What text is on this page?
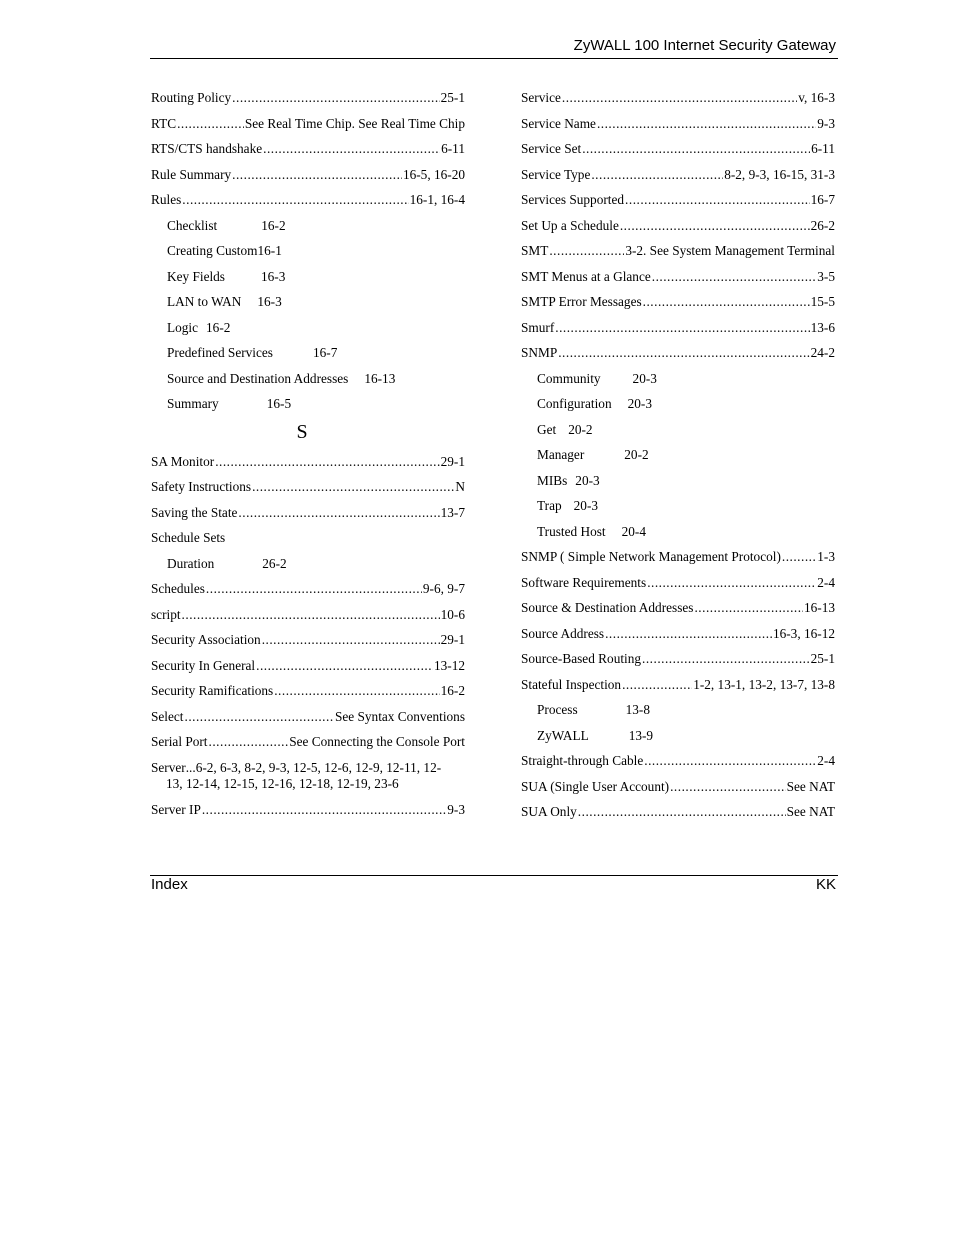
ZyWALL 100 Internet Security Gateway
Routing Policy .....	25-1
RTC .....	See Real Time Chip. See Real Time Chip
RTS/CTS handshake .....	6-11
Rule Summary .....	16-5, 16-20
Rules .....	16-1, 16-4
Checklist	16-2
Creating Custom16-1
Key Fields	16-3
LAN to WAN 16-3
Logic 16-2
Predefined Services	16-7
Source and Destination Addresses 16-13
Summary	16-5
S
SA Monitor .....	29-1
Safety Instructions .....	N
Saving the State .....	13-7
Schedule Sets
Duration	26-2
Schedules .....	9-6, 9-7
script .....	10-6
Security Association .....	29-1
Security In General .....	13-12
Security Ramifications .....	16-2
Select .....	See Syntax Conventions
Serial Port .....	See Connecting the Console Port
Server ... 6-2, 6-3, 8-2, 9-3, 12-5, 12-6, 12-9, 12-11, 12-
13, 12-14, 12-15, 12-16, 12-18, 12-19, 23-6
Server IP .....	9-3
Service .....	v, 16-3
Service Name .....	9-3
Service Set .....	6-11
Service Type .....	8-2, 9-3, 16-15, 31-3
Services Supported .....	16-7
Set Up a Schedule .....	26-2
SMT .....	3-2. See System Management Terminal
SMT Menus at a Glance .....	3-5
SMTP Error Messages .....	15-5
Smurf .....	13-6
SNMP .....	24-2
Community 20-3
Configuration 20-3
Get 20-2
Manager	20-2
MIBs 20-3
Trap 20-3
Trusted Host 20-4
SNMP ( Simple Network Management Protocol) .....	1-3
Software Requirements .....	2-4
Source & Destination Addresses .....	16-13
Source Address .....	16-3, 16-12
Source-Based Routing .....	25-1
Stateful Inspection .....	1-2, 13-1, 13-2, 13-7, 13-8
Process	13-8
ZyWALL	13-9
Straight-through Cable .....	2-4
SUA (Single User Account) .....	See NAT
SUA Only .....	See NAT
Index	KK
